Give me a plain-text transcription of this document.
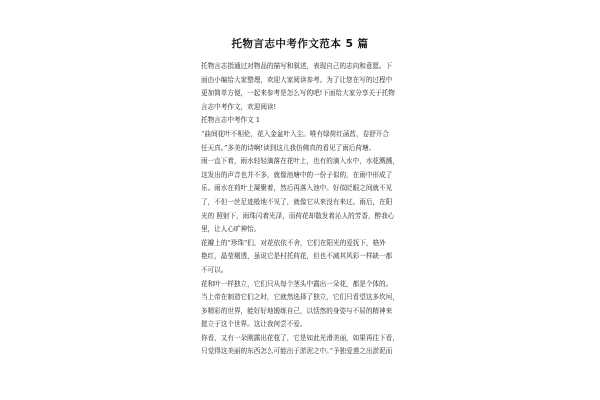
托物言志中考作文范本 5 篇
托物言志指通过对物品的描写和叙述，表现自己的志向和意愿。下
面由小编给大家整理，欢迎大家阅读参考。为了让您在写的过程中
更加简单方便，一起来参考是怎么写的吧!下面给大家分享关于托物
言志中考作文，欢迎阅读!
托物言志中考作文 1
“曲间花叶不相伦，花入金盆叶入尘。唯有绿荷红菡萏，卷舒开合
任天真。”多美的诗啊!读到这儿我仿佛真的看见了雨后荷塘。
雨一直下着，雨水轻轻滴落在花叶上，也有的滴入水中，水花溅溅，
这发出的声音也并不多，就像池塘中的一份子似的，在雨中形成了
乐。雨水在荷叶上凝聚着，然后再落入池中。好似眨眼之间就不见
了，不但一丝足迹般地不见了，就像它从来没有来过。雨后，在阳
光的 照射下，雨珠闪着光泽，而荷花却散发着沁人的芳香，醉我心
里，让人心旷神怡。
花瓣上的“珍珠”们，对花依依不舍，它们在阳光的爱抚下，格外
艳红，晶莹剔透，虽说它是村托荷花，但也不减其风彩一样缺一都
不可以。
花和叶一样独立，它们只从每个茎头中露出一朵花，都是个体的。
当上帝在制造它们之时，它就然选择了独立，它们只看望这多坎坷，
多精彩的世界，能好好地锻练自己，以恬然的身姿与不屈的精神来
挺立于这个世界。这让我何尝不爱。
你看，又有一朵刚露出花苞了，它是如此光滑美丽，如果再往下看，
只觉得这美丽的东西怎么可能出于淤泥之中。”予独爱莲之出淤泥而
